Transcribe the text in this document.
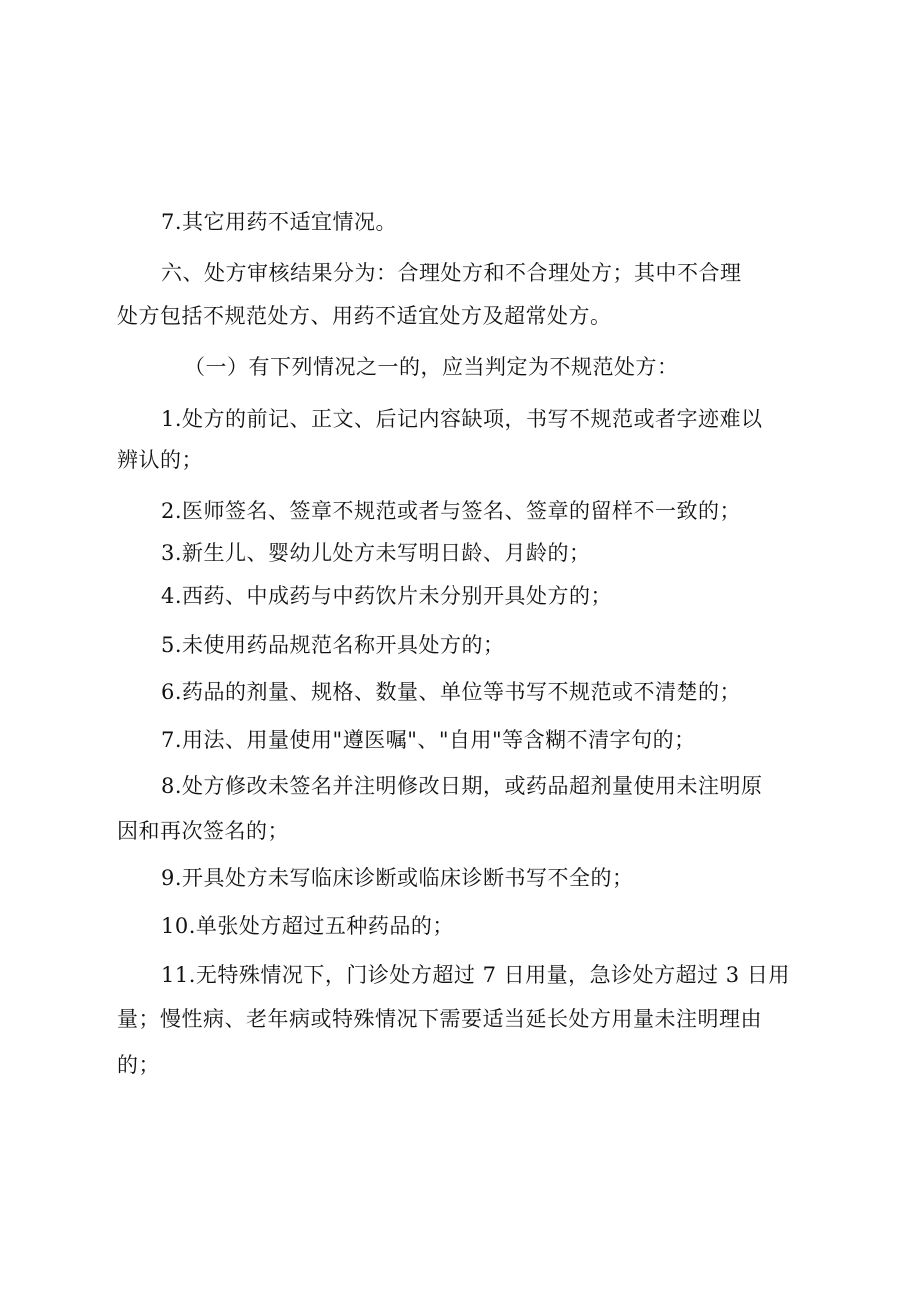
7.其它用药不适宜情况。
六、处方审核结果分为：合理处方和不合理处方；其中不合理
处方包括不规范处方、用药不适宜处方及超常处方。
（一）有下列情况之一的，应当判定为不规范处方：
1.处方的前记、正文、后记内容缺项，书写不规范或者字迹难以
辨认的；
2.医师签名、签章不规范或者与签名、签章的留样不一致的；
3.新生儿、婴幼儿处方未写明日龄、月龄的；
4.西药、中成药与中药饮片未分别开具处方的；
5.未使用药品规范名称开具处方的；
6.药品的剂量、规格、数量、单位等书写不规范或不清楚的；
7.用法、用量使用"遵医嘱"、"自用"等含糊不清字句的；
8.处方修改未签名并注明修改日期，或药品超剂量使用未注明原
因和再次签名的；
9.开具处方未写临床诊断或临床诊断书写不全的；
10.单张处方超过五种药品的；
11.无特殊情况下，门诊处方超过 7 日用量，急诊处方超过 3 日用
量；慢性病、老年病或特殊情况下需要适当延长处方用量未注明理由
的；
